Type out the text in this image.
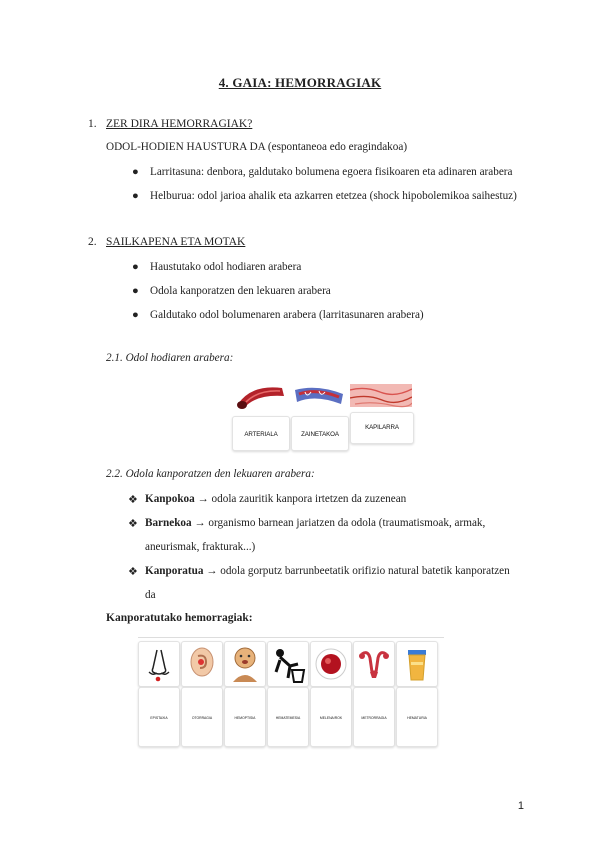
4. GAIA: HEMORRAGIAK
1. ZER DIRA HEMORRAGIAK?
ODOL-HODIEN HAUSTURA DA (espontaneoa edo eragindakoa)
● Larritasuna: denbora, galdutako bolumena egoera fisikoaren eta adinaren arabera
● Helburua: odol jarioa ahalik eta azkarren etetzea (shock hipobolemikoa saihestuz)
2. SAILKAPENA ETA MOTAK
● Haustutako odol hodiaren arabera
● Odola kanporatzen den lekuaren arabera
● Galdutako odol bolumenaren arabera (larritasunaren arabera)
2.1. Odol hodiaren arabera:
ARTERIALA	ZAINETAKOA
KAPILARRA
2.2. Odola kanporatzen den lekuaren arabera:
❖ Kanpokoa → odola zauritik kanpora irtetzen da zuzenean
❖ Barnekoa → organismo barnean jariatzen da odola (traumatismoak, armak,
aneurismak, frakturak...)
❖ Kanporatua → odola gorputz barrunbeetatik orifizio natural batetik kanporatzen
da
Kanporatutako hemorragiak:
EPISTAXIA	OTORRAGIA	HEMOPTISIA	HEMATEMESIA	MELENA/ROK	METRORRAGIA	HEMATURIA
1
